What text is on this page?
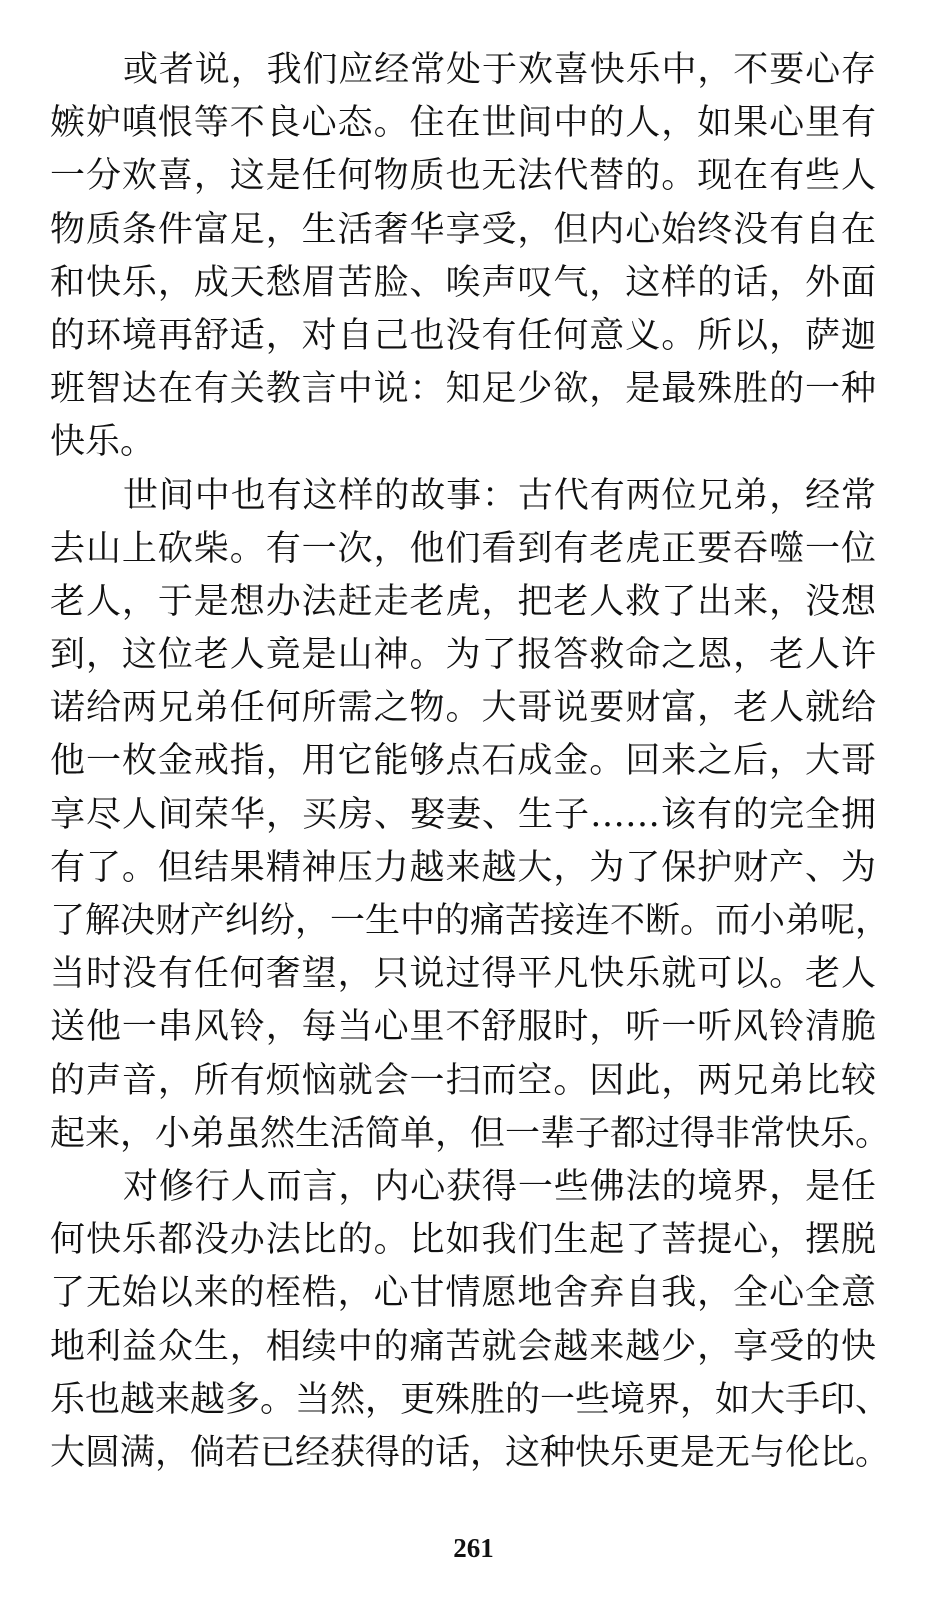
或者说，我们应经常处于欢喜快乐中，不要心存
嫉妒嗔恨等不良心态。住在世间中的人，如果心里有
一分欢喜，这是任何物质也无法代替的。现在有些人
物质条件富足，生活奢华享受，但内心始终没有自在
和快乐，成天愁眉苦脸、唉声叹气，这样的话，外面
的环境再舒适，对自己也没有任何意义。所以，萨迦
班智达在有关教言中说：知足少欲，是最殊胜的一种
快乐。
世间中也有这样的故事：古代有两位兄弟，经常
去山上砍柴。有一次，他们看到有老虎正要吞噬一位
老人，于是想办法赶走老虎，把老人救了出来，没想
到，这位老人竟是山神。为了报答救命之恩，老人许
诺给两兄弟任何所需之物。大哥说要财富，老人就给
他一枚金戒指，用它能够点石成金。回来之后，大哥
享尽人间荣华，买房、娶妻、生子……该有的完全拥
有了。但结果精神压力越来越大，为了保护财产、为
了解决财产纠纷，一生中的痛苦接连不断。而小弟呢，
当时没有任何奢望，只说过得平凡快乐就可以。老人
送他一串风铃，每当心里不舒服时，听一听风铃清脆
的声音，所有烦恼就会一扫而空。因此，两兄弟比较
起来，小弟虽然生活简单，但一辈子都过得非常快乐。
对修行人而言，内心获得一些佛法的境界，是任
何快乐都没办法比的。比如我们生起了菩提心，摆脱
了无始以来的桎梏，心甘情愿地舍弃自我，全心全意
地利益众生，相续中的痛苦就会越来越少，享受的快
乐也越来越多。当然，更殊胜的一些境界，如大手印、
大圆满，倘若已经获得的话，这种快乐更是无与伦比。
261
